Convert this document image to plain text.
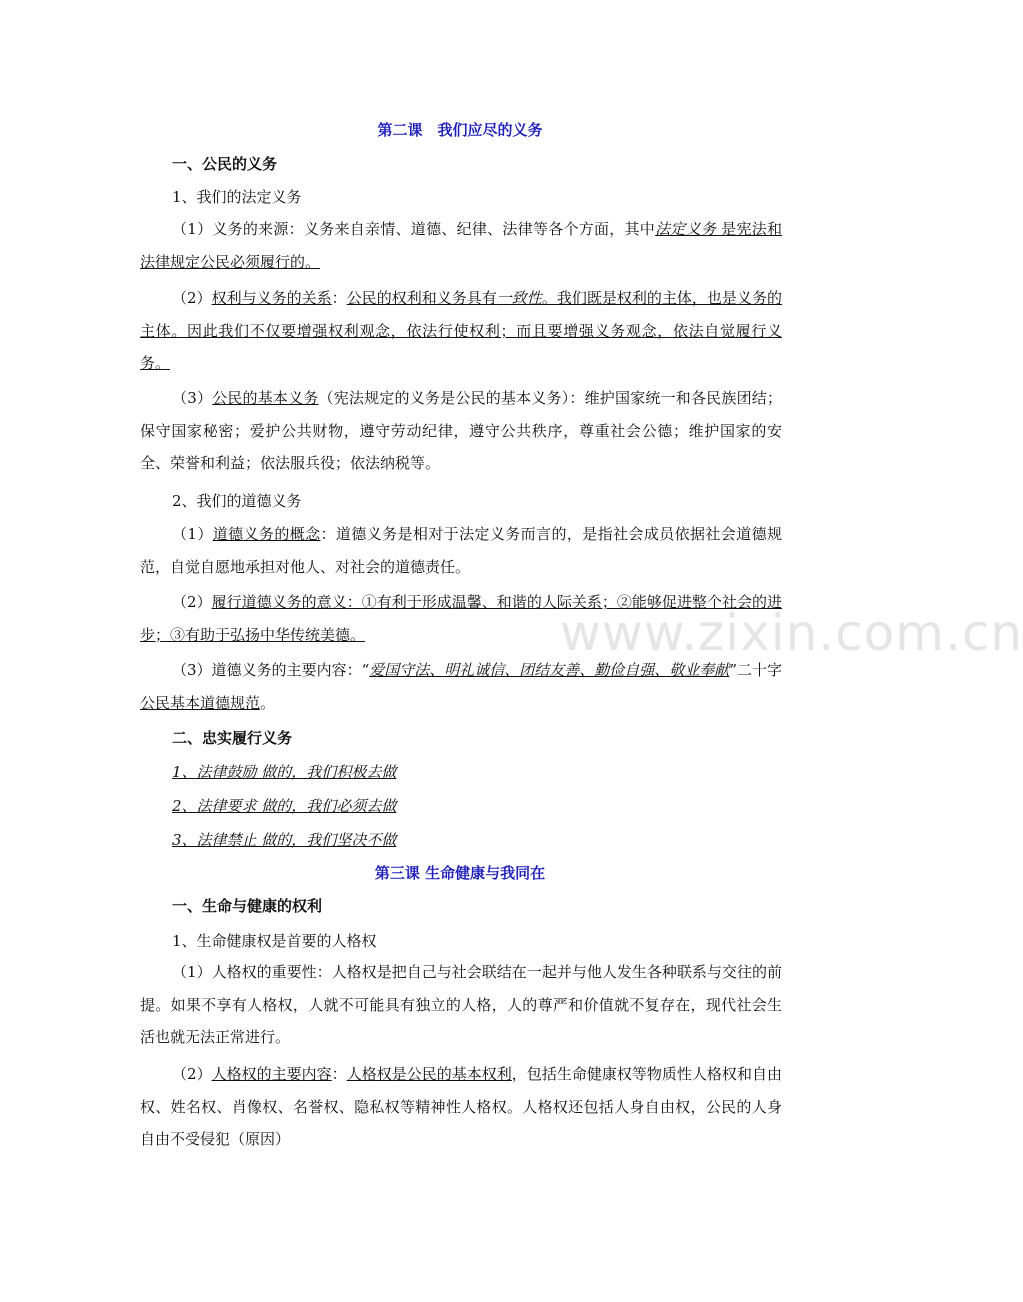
第二课　我们应尽的义务
一、公民的义务
1、我们的法定义务
（1）义务的来源：义务来自亲情、道德、纪律、法律等各个方面，其中法定义务 是宪法和法律规定公民必须履行的。
（2）权利与义务的关系：公民的权利和义务具有一致性。我们既是权利的主体，也是义务的主体。因此我们不仅要增强权利观念，依法行使权利；而且要增强义务观念，依法自觉履行义务。
（3）公民的基本义务（宪法规定的义务是公民的基本义务）：维护国家统一和各民族团结；保守国家秘密；爱护公共财物，遵守劳动纪律，遵守公共秩序，尊重社会公德；维护国家的安全、荣誉和利益；依法服兵役；依法纳税等。
2、我们的道德义务
（1）道德义务的概念：道德义务是相对于法定义务而言的，是指社会成员依据社会道德规范，自觉自愿地承担对他人、对社会的道德责任。
（2）履行道德义务的意义：①有利于形成温馨、和谐的人际关系；②能够促进整个社会的进步；③有助于弘扬中华传统美德。
（3）道德义务的主要内容：“爱国守法、明礼诚信、团结友善、勤俭自强、敬业奉献”二十字公民基本道德规范。
二、忠实履行义务
1、法律鼓励 做的，我们积极去做
2、法律要求 做的，我们必须去做
3、法律禁止 做的，我们坚决不做
第三课 生命健康与我同在
一、生命与健康的权利
1、生命健康权是首要的人格权
（1）人格权的重要性：人格权是把自己与社会联结在一起并与他人发生各种联系与交往的前提。如果不享有人格权，人就不可能具有独立的人格，人的尊严和价值就不复存在，现代社会生活也就无法正常进行。
（2）人格权的主要内容：人格权是公民的基本权利，包括生命健康权等物质性人格权和自由权、姓名权、肖像权、名誉权、隐私权等精神性人格权。人格权还包括人身自由权，公民的人身自由不受侵犯（原因）
www.zixin.com.cn
